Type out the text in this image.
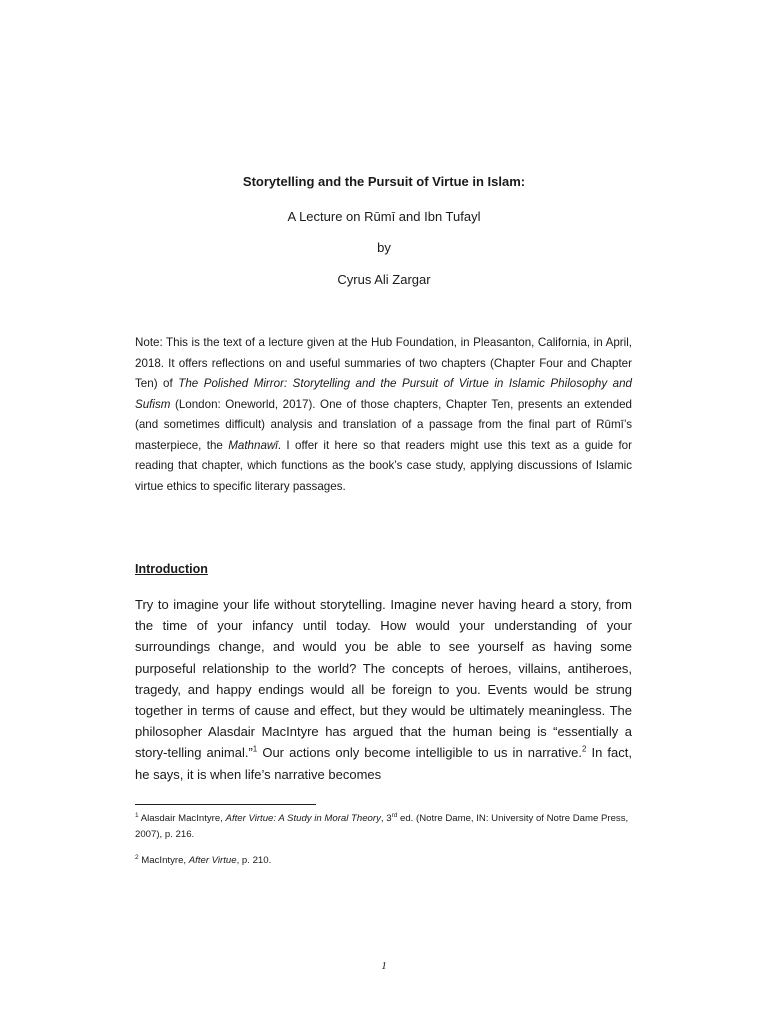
Storytelling and the Pursuit of Virtue in Islam:
A Lecture on Rūmī and Ibn Tufayl
by
Cyrus Ali Zargar

Note: This is the text of a lecture given at the Hub Foundation, in Pleasanton, California, in April, 2018. It offers reflections on and useful summaries of two chapters (Chapter Four and Chapter Ten) of The Polished Mirror: Storytelling and the Pursuit of Virtue in Islamic Philosophy and Sufism (London: Oneworld, 2017). One of those chapters, Chapter Ten, presents an extended (and sometimes difficult) analysis and translation of a passage from the final part of Rūmī’s masterpiece, the Mathnawī. I offer it here so that readers might use this text as a guide for reading that chapter, which functions as the book’s case study, applying discussions of Islamic virtue ethics to specific literary passages.

Introduction

Try to imagine your life without storytelling. Imagine never having heard a story, from the time of your infancy until today. How would your understanding of your surroundings change, and would you be able to see yourself as having some purposeful relationship to the world? The concepts of heroes, villains, antiheroes, tragedy, and happy endings would all be foreign to you. Events would be strung together in terms of cause and effect, but they would be ultimately meaningless. The philosopher Alasdair MacIntyre has argued that the human being is “essentially a story-telling animal.”$^1$ Our actions only become intelligible to us in narrative.$^2$ In fact, he says, it is when life’s narrative becomes

$^1$ Alasdair MacIntyre, After Virtue: A Study in Moral Theory, 3rd ed. (Notre Dame, IN: University of Notre Dame Press, 2007), p. 216.

$^2$ MacIntyre, After Virtue, p. 210.

1
